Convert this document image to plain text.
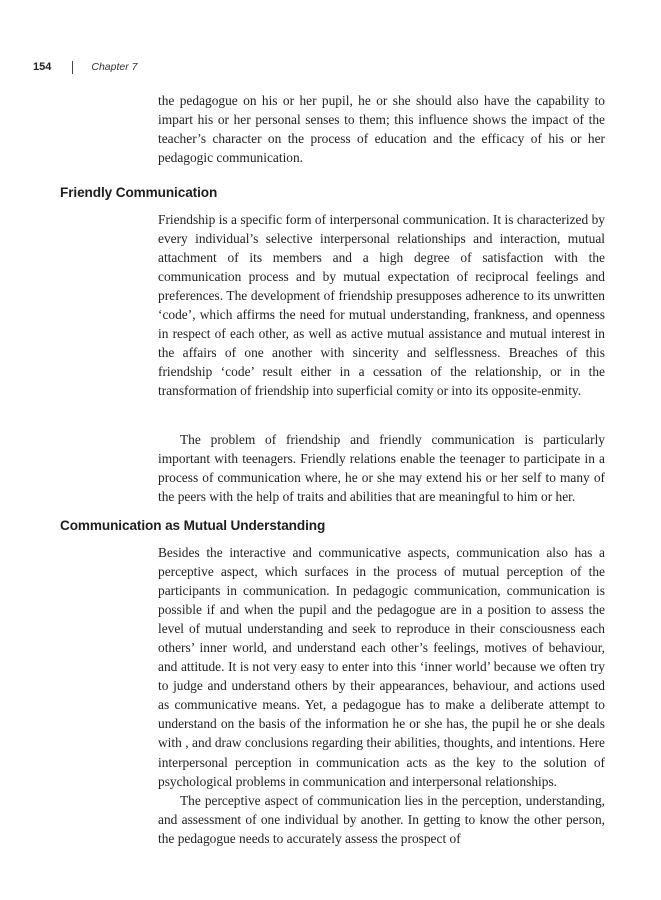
154	Chapter 7

the pedagogue on his or her pupil, he or she should also have the capability to impart his or her personal senses to them; this influence shows the impact of the teacher’s character on the process of education and the efficacy of his or her pedagogic communication.

Friendly Communication

Friendship is a specific form of interpersonal communication. It is characterized by every individual’s selective interpersonal relationships and interaction, mutual attachment of its members and a high degree of satisfaction with the communication process and by mutual expectation of reciprocal feelings and preferences. The development of friendship presupposes adherence to its unwritten ‘code’, which affirms the need for mutual understanding, frankness, and openness in respect of each other, as well as active mutual assistance and mutual interest in the affairs of one another with sincerity and selflessness. Breaches of this friendship ‘code’ result either in a cessation of the relationship, or in the transformation of friendship into superficial comity or into its opposite-enmity.

The problem of friendship and friendly communication is particularly important with teenagers. Friendly relations enable the teenager to participate in a process of communication where, he or she may extend his or her self to many of the peers with the help of traits and abilities that are meaningful to him or her.

Communication as Mutual Understanding

Besides the interactive and communicative aspects, communication also has a perceptive aspect, which surfaces in the process of mutual perception of the participants in communication. In pedagogic communication, communication is possible if and when the pupil and the pedagogue are in a position to assess the level of mutual understanding and seek to reproduce in their consciousness each others’ inner world, and understand each other’s feelings, motives of behaviour, and attitude. It is not very easy to enter into this ‘inner world’ because we often try to judge and understand others by their appearances, behaviour, and actions used as communicative means. Yet, a pedagogue has to make a deliberate attempt to understand on the basis of the information he or she has, the pupil he or she deals with , and draw conclusions regarding their abilities, thoughts, and intentions. Here interpersonal perception in communication acts as the key to the solution of psychological problems in communication and interpersonal relationships.

The perceptive aspect of communication lies in the perception, understanding, and assessment of one individual by another. In getting to know the other person, the pedagogue needs to accurately assess the prospect of
